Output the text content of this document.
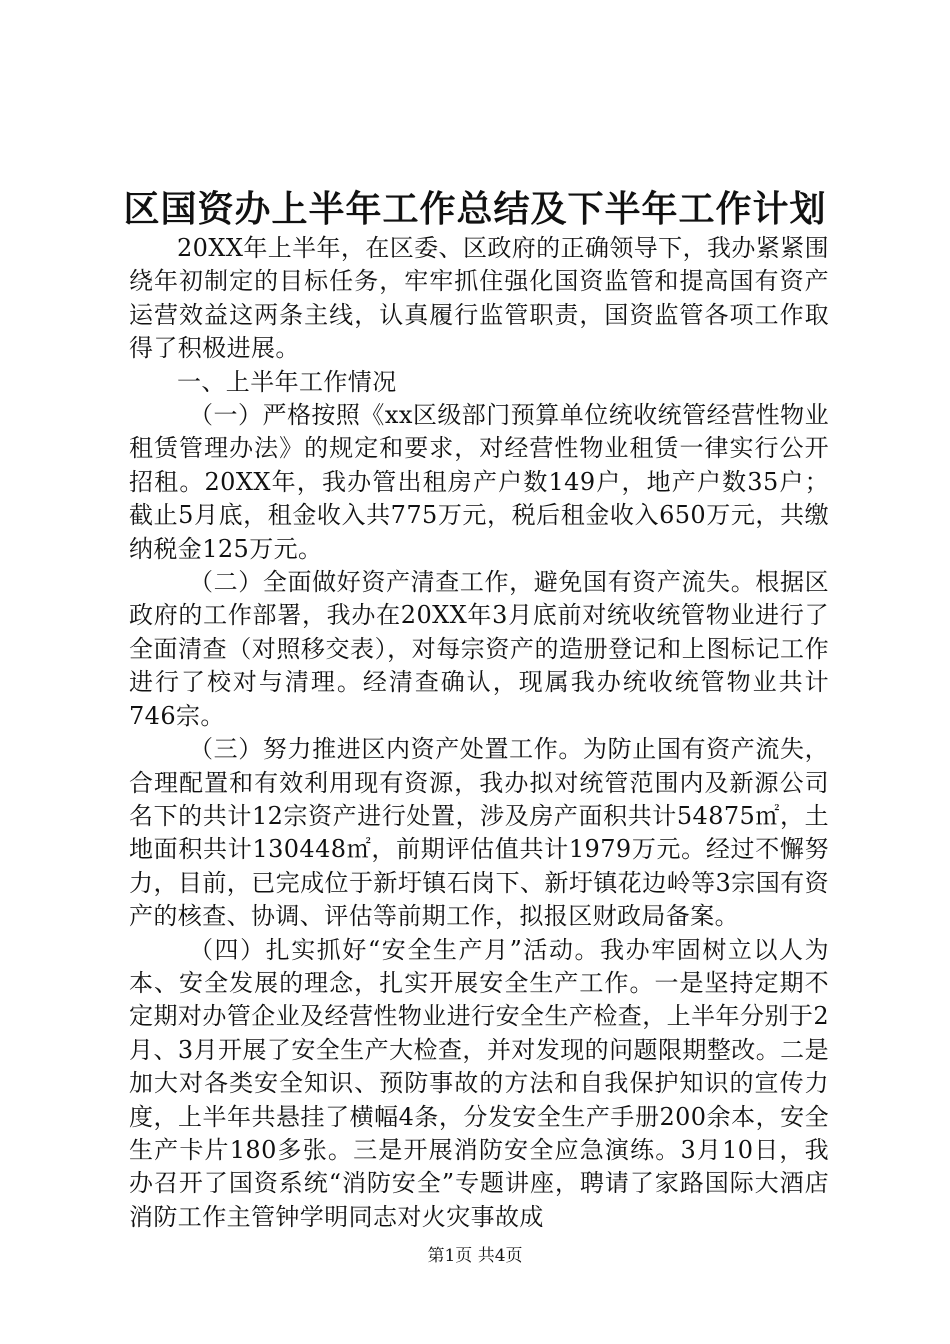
区国资办上半年工作总结及下半年工作计划

20XX年上半年，在区委、区政府的正确领导下，我办紧紧围绕年初制定的目标任务，牢牢抓住强化国资监管和提高国有资产运营效益这两条主线，认真履行监管职责，国资监管各项工作取得了积极进展。

一、上半年工作情况

（一）严格按照《xx区级部门预算单位统收统管经营性物业租赁管理办法》的规定和要求，对经营性物业租赁一律实行公开招租。20XX年，我办管出租房产户数149户，地产户数35户；截止5月底，租金收入共775万元，税后租金收入650万元，共缴纳税金125万元。

（二）全面做好资产清查工作，避免国有资产流失。根据区政府的工作部署，我办在20XX年3月底前对统收统管物业进行了全面清查（对照移交表），对每宗资产的造册登记和上图标记工作进行了校对与清理。经清查确认，现属我办统收统管物业共计746宗。

（三）努力推进区内资产处置工作。为防止国有资产流失，合理配置和有效利用现有资源，我办拟对统管范围内及新源公司名下的共计12宗资产进行处置，涉及房产面积共计54875㎡，土地面积共计130448㎡，前期评估值共计1979万元。经过不懈努力，目前，已完成位于新圩镇石岗下、新圩镇花边岭等3宗国有资产的核查、协调、评估等前期工作，拟报区财政局备案。

（四）扎实抓好“安全生产月”活动。我办牢固树立以人为本、安全发展的理念，扎实开展安全生产工作。一是坚持定期不定期对办管企业及经营性物业进行安全生产检查，上半年分别于2月、3月开展了安全生产大检查，并对发现的问题限期整改。二是加大对各类安全知识、预防事故的方法和自我保护知识的宣传力度，上半年共悬挂了横幅4条，分发安全生产手册200余本，安全生产卡片180多张。三是开展消防安全应急演练。3月10日，我办召开了国资系统“消防安全”专题讲座，聘请了家路国际大酒店消防工作主管钟学明同志对火灾事故成

第1页 共4页
